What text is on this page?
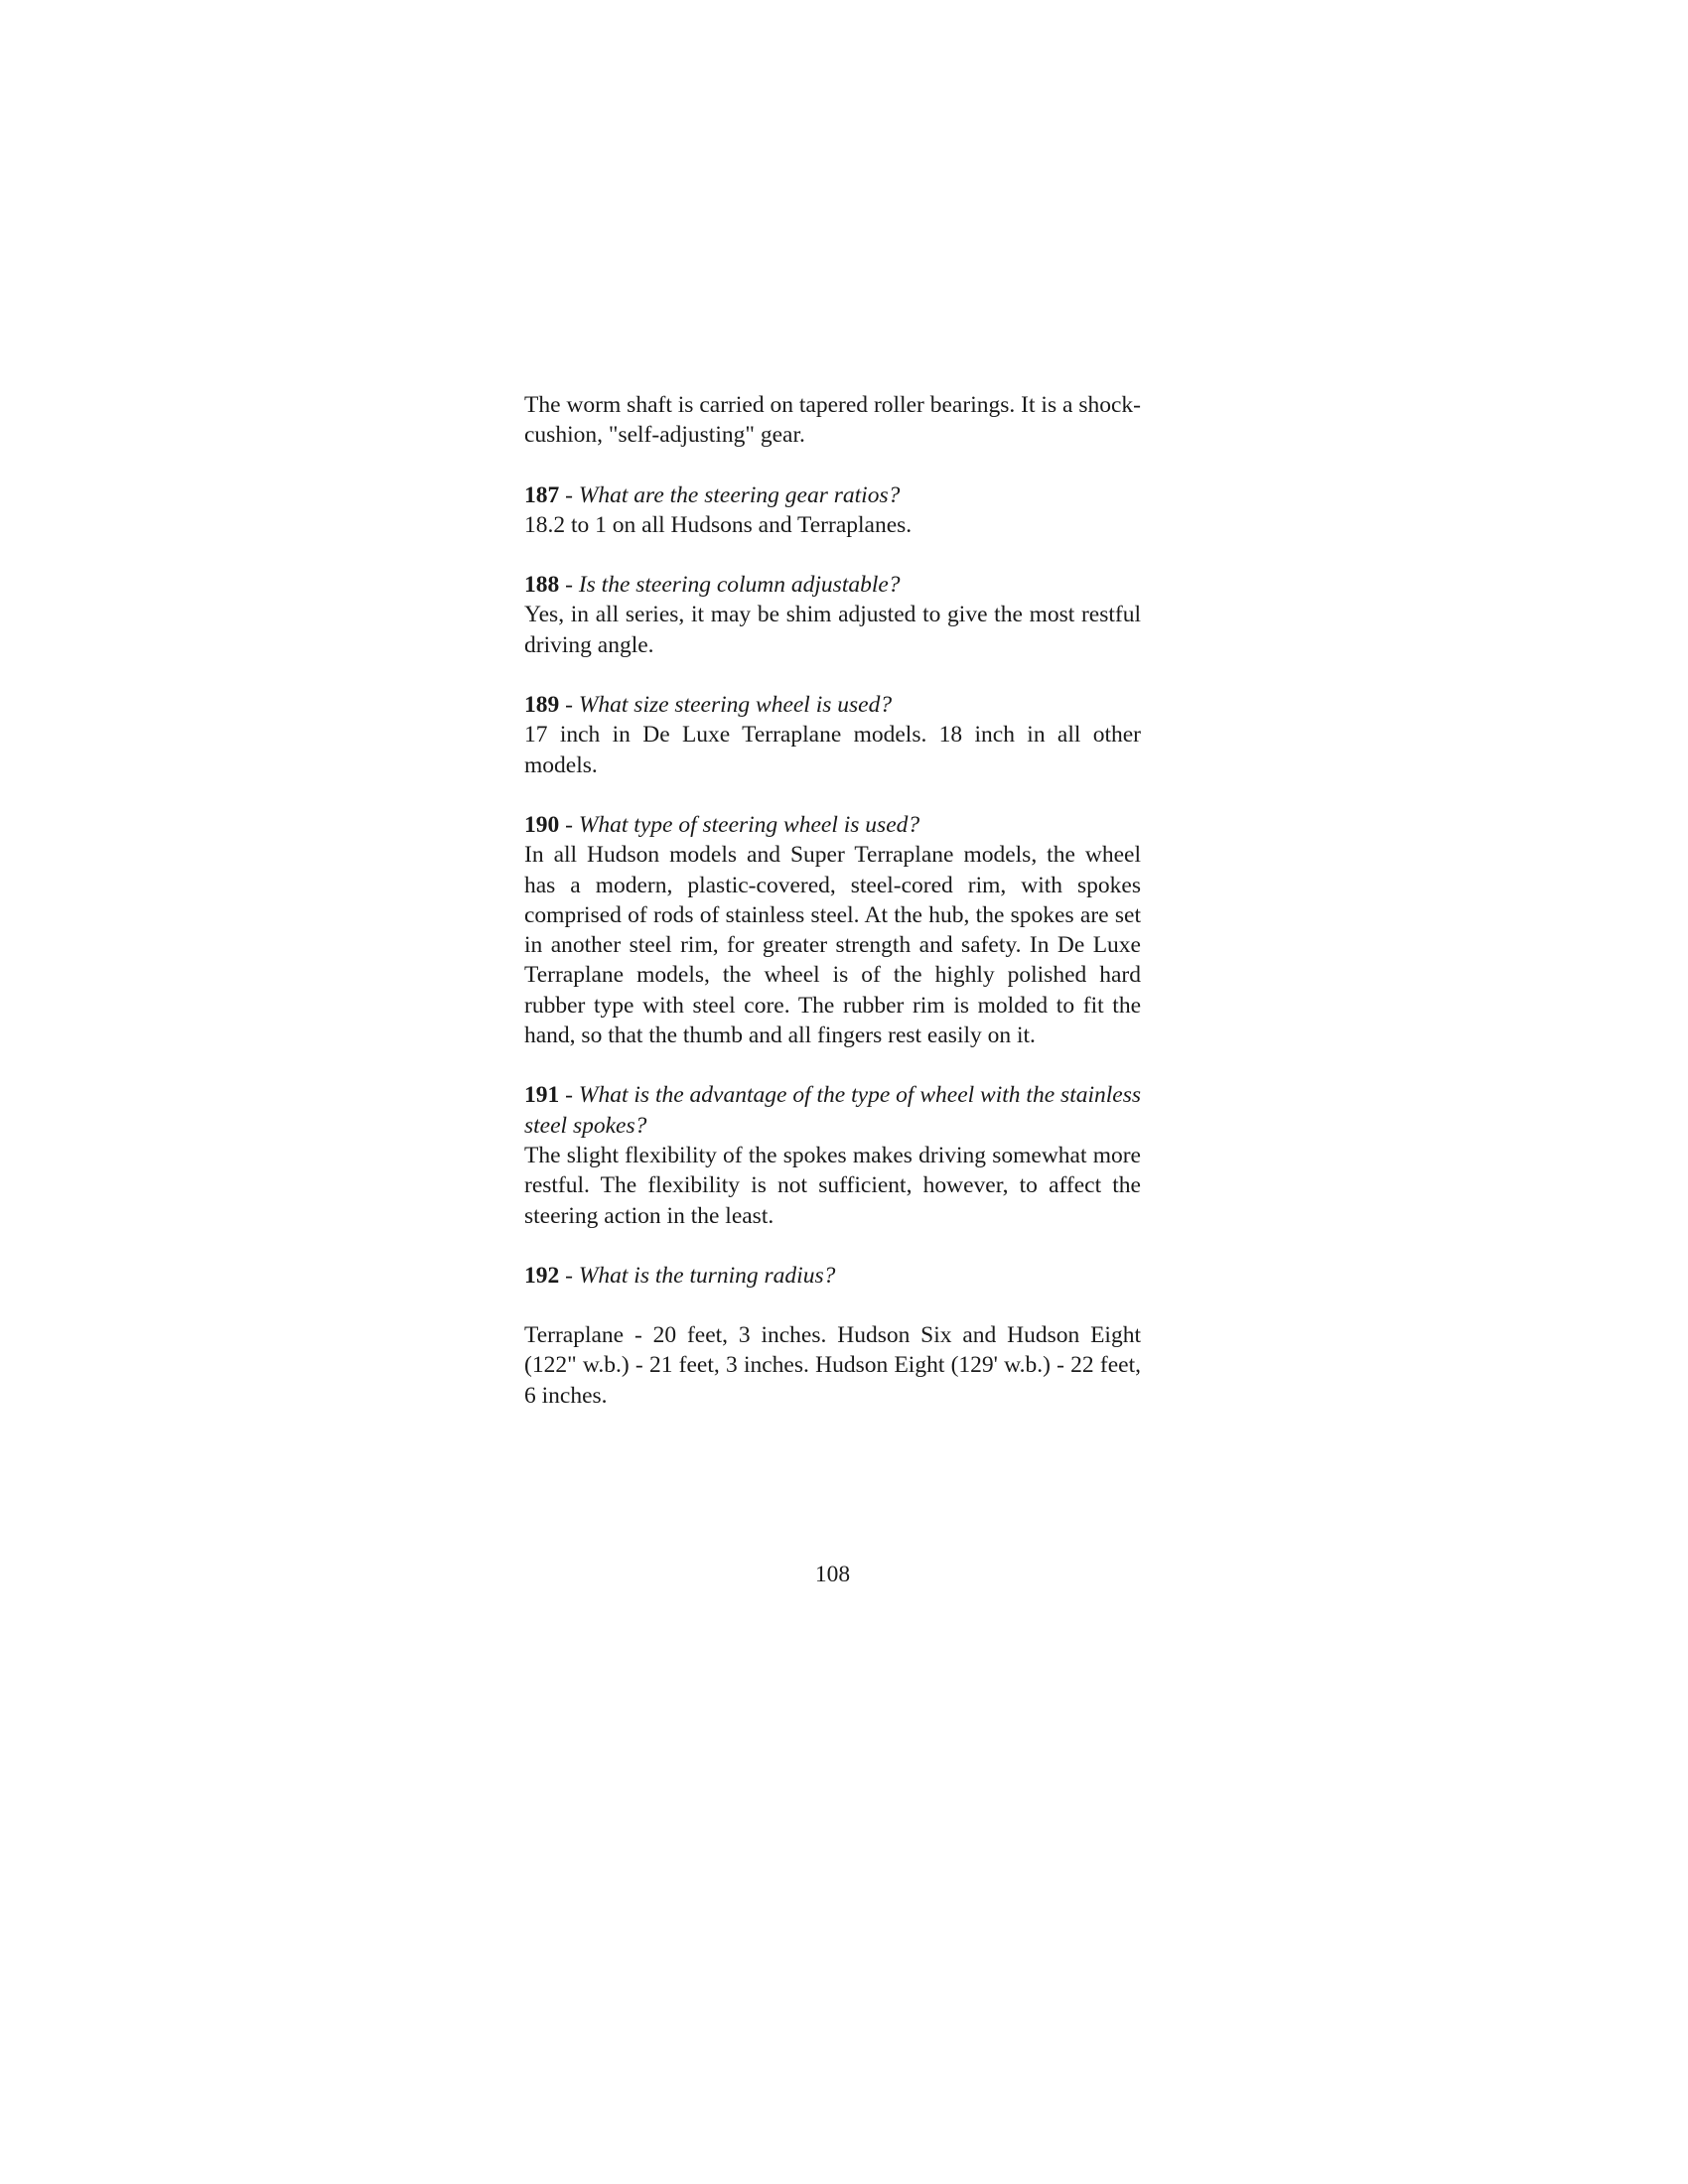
The worm shaft is carried on tapered roller bearings. It is a shock-cushion, "self-adjusting" gear.

187 - What are the steering gear ratios?

18.2 to 1 on all Hudsons and Terraplanes.

188 - Is the steering column adjustable?

Yes, in all series, it may be shim adjusted to give the most restful driving angle.

189 - What size steering wheel is used?

17 inch in De Luxe Terraplane models. 18 inch in all other models.

190 - What type of steering wheel is used?

In all Hudson models and Super Terraplane models, the wheel has a modern, plastic-covered, steel-cored rim, with spokes comprised of rods of stainless steel. At the hub, the spokes are set in another steel rim, for greater strength and safety. In De Luxe Terraplane models, the wheel is of the highly polished hard rubber type with steel core. The rubber rim is molded to fit the hand, so that the thumb and all fingers rest easily on it.

191 - What is the advantage of the type of wheel with the stainless steel spokes?

The slight flexibility of the spokes makes driving somewhat more restful. The flexibility is not sufficient, however, to affect the steering action in the least.

192 - What is the turning radius?

Terraplane - 20 feet, 3 inches. Hudson Six and Hudson Eight (122" w.b.) - 21 feet, 3 inches. Hudson Eight (129' w.b.) - 22 feet, 6 inches.

108
